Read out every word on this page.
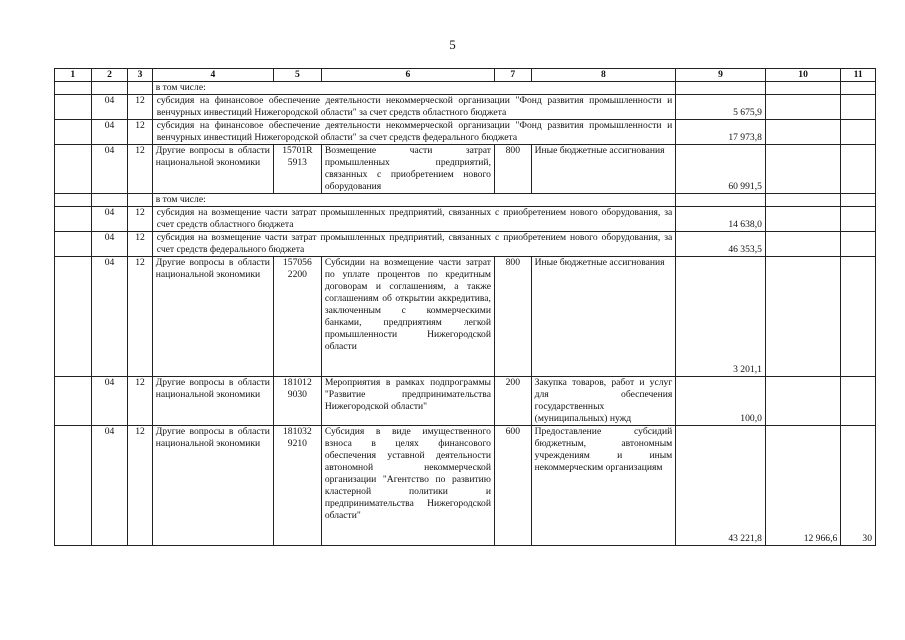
5
1	2	3	4	5	6	7	8	9	10	11
			в том числе:							
	04	12	субсидия на финансовое обеспечение деятельности некоммерческой организации "Фонд развития промышленности и венчурных инвестиций Нижегородской области" за счет средств областного бюджета					5 675,9		
	04	12	субсидия на финансовое обеспечение деятельности некоммерческой организации "Фонд развития промышленности и венчурных инвестиций Нижегородской области" за счет средств федерального бюджета					17 973,8		
	04	12	Другие вопросы в области национальной экономики	15701R 5913	Возмещение части затрат промышленных предприятий, связанных с приобретением нового оборудования	800	Иные бюджетные ассигнования	60 991,5		
			в том числе:							
	04	12	субсидия на возмещение части затрат промышленных предприятий, связанных с приобретением нового оборудования, за счет средств областного бюджета					14 638,0		
	04	12	субсидия на возмещение части затрат промышленных предприятий, связанных с приобретением нового оборудования, за счет средств федерального бюджета					46 353,5		
	04	12	Другие вопросы в области национальной экономики	157056 2200	Субсидии на возмещение части затрат по уплате процентов по кредитным договорам и соглашениям, а также соглашениям об открытии аккредитива, заключенным с коммерческими банками, предприятиям легкой промышленности Нижегородской области	800	Иные бюджетные ассигнования	3 201,1		
	04	12	Другие вопросы в области национальной экономики	181012 9030	Мероприятия в рамках подпрограммы "Развитие предпринимательства Нижегородской области"	200	Закупка товаров, работ и услуг для обеспечения государственных (муниципальных) нужд	100,0		
	04	12	Другие вопросы в области национальной экономики	181032 9210	Субсидия в виде имущественного взноса в целях финансового обеспечения уставной деятельности автономной некоммерческой организации "Агентство по развитию кластерной политики и предпринимательства Нижегородской области"	600	Предоставление субсидий бюджетным, автономным учреждениям и иным некоммерческим организациям	43 221,8	12 966,6	30
